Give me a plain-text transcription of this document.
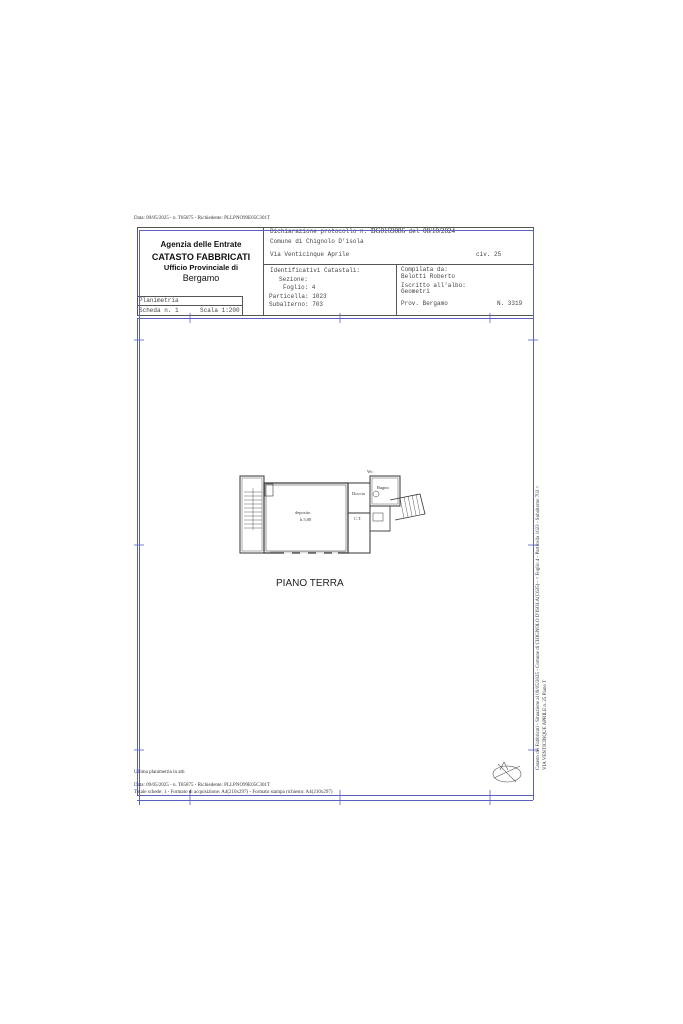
Data: 09/05/2025 - n. T85875 - Richiedente: PLLPNO99E05C301T
Agenzia delle Entrate
CATASTO FABBRICATI
Ufficio Provinciale di
Bergamo
Dichiarazione protocollo n. BG0169086 del 08/10/2024
Comune di Chignolo D'isola
Via Venticinque Aprile	civ. 25
Identificativi Catastali:
Sezione:
Foglio: 4
Particella: 1023
Subalterno: 703
Compilata da:
Belotti Roberto
Iscritto all'albo:
Geometri
Prov. Bergamo	N. 3319
Planimetria
Scheda n. 1	Scala 1:200
deposito
h.5,00
Doccia
Wc
C.T.
Bagno
PIANO TERRA	Catasto dei Fabbricati - Situazione al 09/05/2025 - Comune di CHIGNOLO D'ISOLA(C635) - < Foglio 4 - Particella 1023 - Subalterno 703 > VIA VENTICINQUE APRILE n. 25 Piano T
Ultima planimetria in atti
Data: 09/05/2025 - n. T85875 - Richiedente: PLLPNO99E05C301T
Totale schede: 1 - Formato di acquisizione: A4(210x297) - Formato stampa richiesto: A4(210x297)
